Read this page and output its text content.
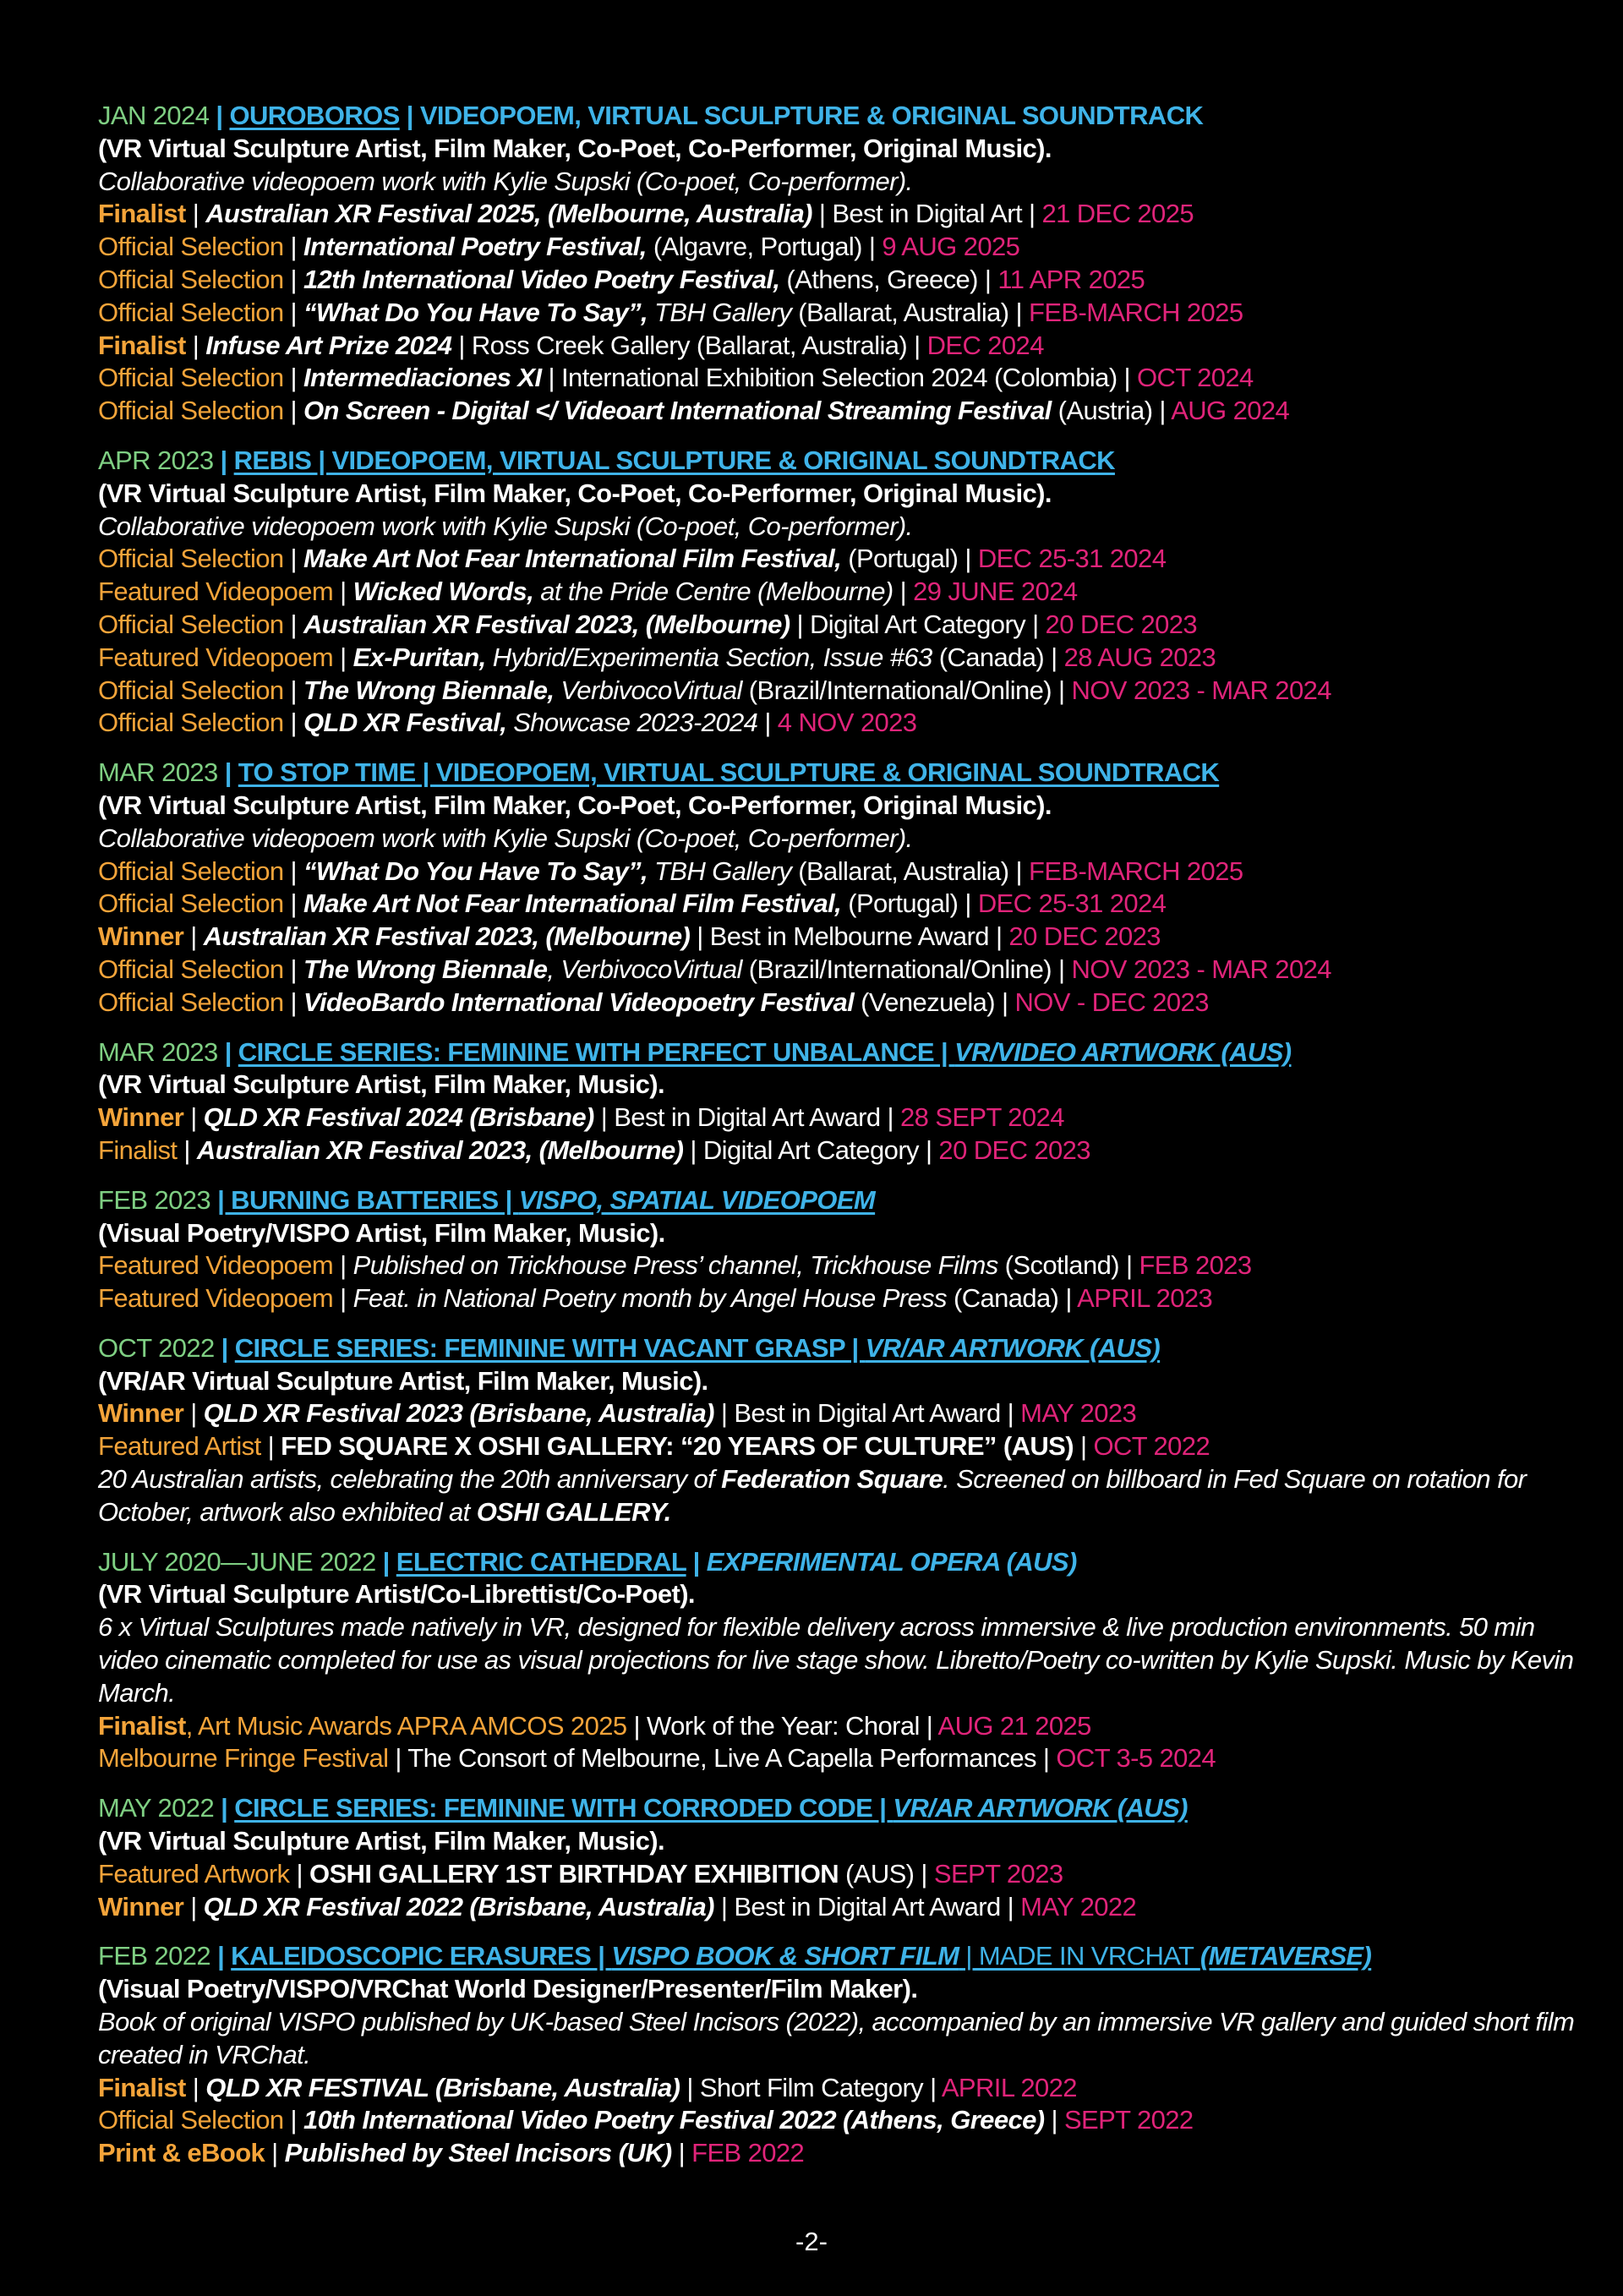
JAN 2024 | OUROBOROS | VIDEOPOEM, VIRTUAL SCULPTURE & ORIGINAL SOUNDTRACK
(VR Virtual Sculpture Artist, Film Maker, Co-Poet, Co-Performer, Original Music).
Collaborative videopoem work with Kylie Supski (Co-poet, Co-performer).
Finalist | Australian XR Festival 2025, (Melbourne, Australia) | Best in Digital Art | 21 DEC 2025
Official Selection | International Poetry Festival, (Algavre, Portugal) | 9 AUG 2025
Official Selection | 12th International Video Poetry Festival, (Athens, Greece) | 11 APR 2025
Official Selection | “What Do You Have To Say”, TBH Gallery (Ballarat, Australia) | FEB-MARCH 2025
Finalist | Infuse Art Prize 2024 | Ross Creek Gallery (Ballarat, Australia) | DEC 2024
Official Selection | Intermediaciones XI | International Exhibition Selection 2024 (Colombia) | OCT 2024
Official Selection | On Screen - Digital </ Videoart International Streaming Festival (Austria) | AUG 2024
APR 2023 | REBIS | VIDEOPOEM, VIRTUAL SCULPTURE & ORIGINAL SOUNDTRACK
(VR Virtual Sculpture Artist, Film Maker, Co-Poet, Co-Performer, Original Music).
Collaborative videopoem work with Kylie Supski (Co-poet, Co-performer).
Official Selection | Make Art Not Fear International Film Festival, (Portugal) | DEC 25-31 2024
Featured Videopoem | Wicked Words, at the Pride Centre (Melbourne) | 29 JUNE 2024
Official Selection | Australian XR Festival 2023, (Melbourne) | Digital Art Category | 20 DEC 2023
Featured Videopoem | Ex-Puritan, Hybrid/Experimentia Section, Issue #63 (Canada) | 28 AUG 2023
Official Selection | The Wrong Biennale, VerbivocoVirtual (Brazil/International/Online) | NOV 2023 - MAR 2024
Official Selection | QLD XR Festival, Showcase 2023-2024 | 4 NOV 2023
MAR 2023 | TO STOP TIME | VIDEOPOEM, VIRTUAL SCULPTURE & ORIGINAL SOUNDTRACK
(VR Virtual Sculpture Artist, Film Maker, Co-Poet, Co-Performer, Original Music).
Collaborative videopoem work with Kylie Supski (Co-poet, Co-performer).
Official Selection | “What Do You Have To Say”, TBH Gallery (Ballarat, Australia) | FEB-MARCH 2025
Official Selection | Make Art Not Fear International Film Festival, (Portugal) | DEC 25-31 2024
Winner | Australian XR Festival 2023, (Melbourne) | Best in Melbourne Award | 20 DEC 2023
Official Selection | The Wrong Biennale, VerbivocoVirtual (Brazil/International/Online) | NOV 2023 - MAR 2024
Official Selection | VideoBardo International Videopoetry Festival (Venezuela) | NOV - DEC 2023
MAR 2023 | CIRCLE SERIES: FEMININE WITH PERFECT UNBALANCE | VR/VIDEO ARTWORK (AUS)
(VR Virtual Sculpture Artist, Film Maker, Music).
Winner | QLD XR Festival 2024 (Brisbane) | Best in Digital Art Award | 28 SEPT 2024
Finalist | Australian XR Festival 2023, (Melbourne) | Digital Art Category | 20 DEC 2023
FEB 2023 | BURNING BATTERIES | VISPO, SPATIAL VIDEOPOEM
(Visual Poetry/VISPO Artist, Film Maker, Music).
Featured Videopoem | Published on Trickhouse Press’ channel, Trickhouse Films (Scotland) | FEB 2023
Featured Videopoem | Feat. in National Poetry month by Angel House Press (Canada) | APRIL 2023
OCT 2022 | CIRCLE SERIES: FEMININE WITH VACANT GRASP | VR/AR ARTWORK (AUS)
(VR/AR Virtual Sculpture Artist, Film Maker, Music).
Winner | QLD XR Festival 2023 (Brisbane, Australia) | Best in Digital Art Award | MAY 2023
Featured Artist | FED SQUARE X OSHI GALLERY: “20 YEARS OF CULTURE” (AUS) | OCT 2022
20 Australian artists, celebrating the 20th anniversary of Federation Square. Screened on billboard in Fed Square on rotation for October, artwork also exhibited at OSHI GALLERY.
JULY 2020—JUNE 2022 | ELECTRIC CATHEDRAL | EXPERIMENTAL OPERA (AUS)
(VR Virtual Sculpture Artist/Co-Librettist/Co-Poet).
6 x Virtual Sculptures made natively in VR, designed for flexible delivery across immersive & live production environments. 50 min video cinematic completed for use as visual projections for live stage show. Libretto/Poetry co-written by Kylie Supski. Music by Kevin March.
Finalist, Art Music Awards APRA AMCOS 2025 | Work of the Year: Choral | AUG 21 2025
Melbourne Fringe Festival | The Consort of Melbourne, Live A Capella Performances | OCT 3-5 2024
MAY 2022 | CIRCLE SERIES: FEMININE WITH CORRODED CODE | VR/AR ARTWORK (AUS)
(VR Virtual Sculpture Artist, Film Maker, Music).
Featured Artwork | OSHI GALLERY 1ST BIRTHDAY EXHIBITION (AUS) | SEPT 2023
Winner | QLD XR Festival 2022 (Brisbane, Australia) | Best in Digital Art Award | MAY 2022
FEB 2022 | KALEIDOSCOPIC ERASURES | VISPO BOOK & SHORT FILM | MADE IN VRCHAT (METAVERSE)
(Visual Poetry/VISPO/VRChat World Designer/Presenter/Film Maker).
Book of original VISPO published by UK-based Steel Incisors (2022), accompanied by an immersive VR gallery and guided short film created in VRChat.
Finalist | QLD XR FESTIVAL (Brisbane, Australia) | Short Film Category | APRIL 2022
Official Selection | 10th International Video Poetry Festival 2022 (Athens, Greece) | SEPT 2022
Print & eBook | Published by Steel Incisors (UK) | FEB 2022
-2-
